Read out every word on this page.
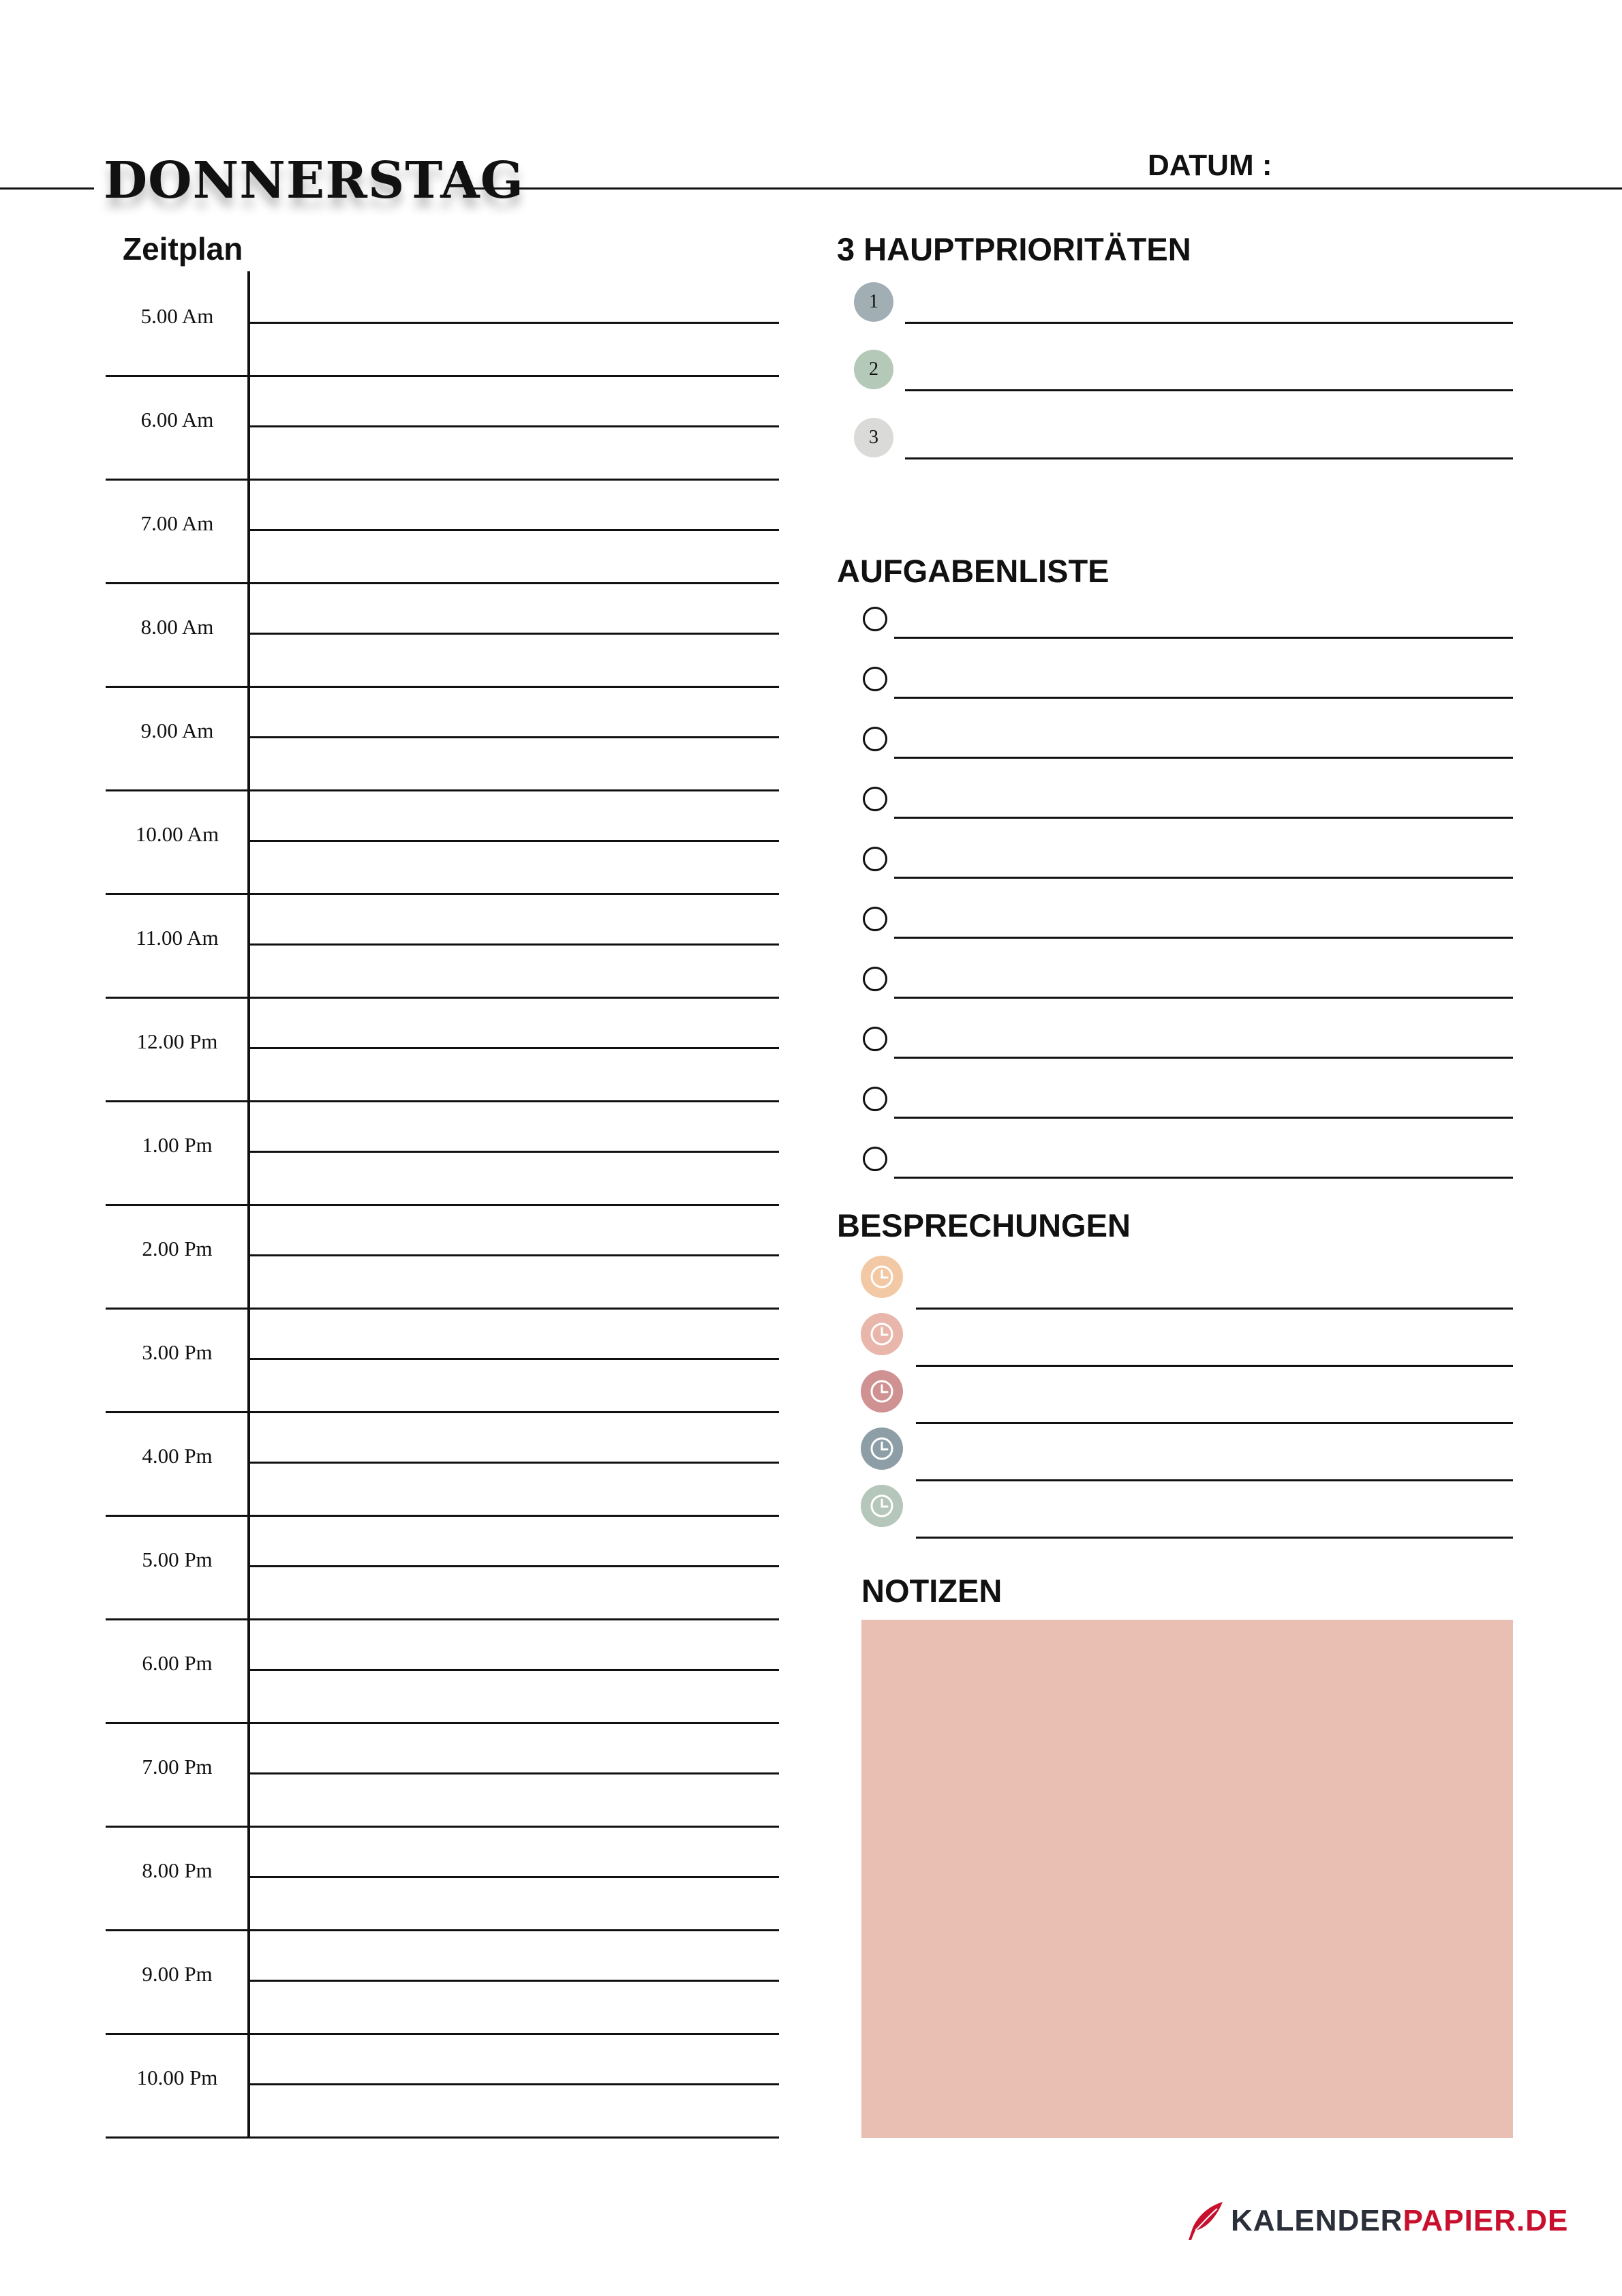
DONNERSTAG	DATUM :
Zeitplan
5.00 Am
6.00 Am
7.00 Am
8.00 Am
9.00 Am
10.00 Am
11.00 Am
12.00 Pm
1.00 Pm
2.00 Pm
3.00 Pm
4.00 Pm
5.00 Pm
6.00 Pm
7.00 Pm
8.00 Pm
9.00 Pm
10.00 Pm
3 HAUPTPRIORITÄTEN
1
2
3
AUFGABENLISTE
BESPRECHUNGEN
NOTIZEN
KALENDER PAPIER.DE
